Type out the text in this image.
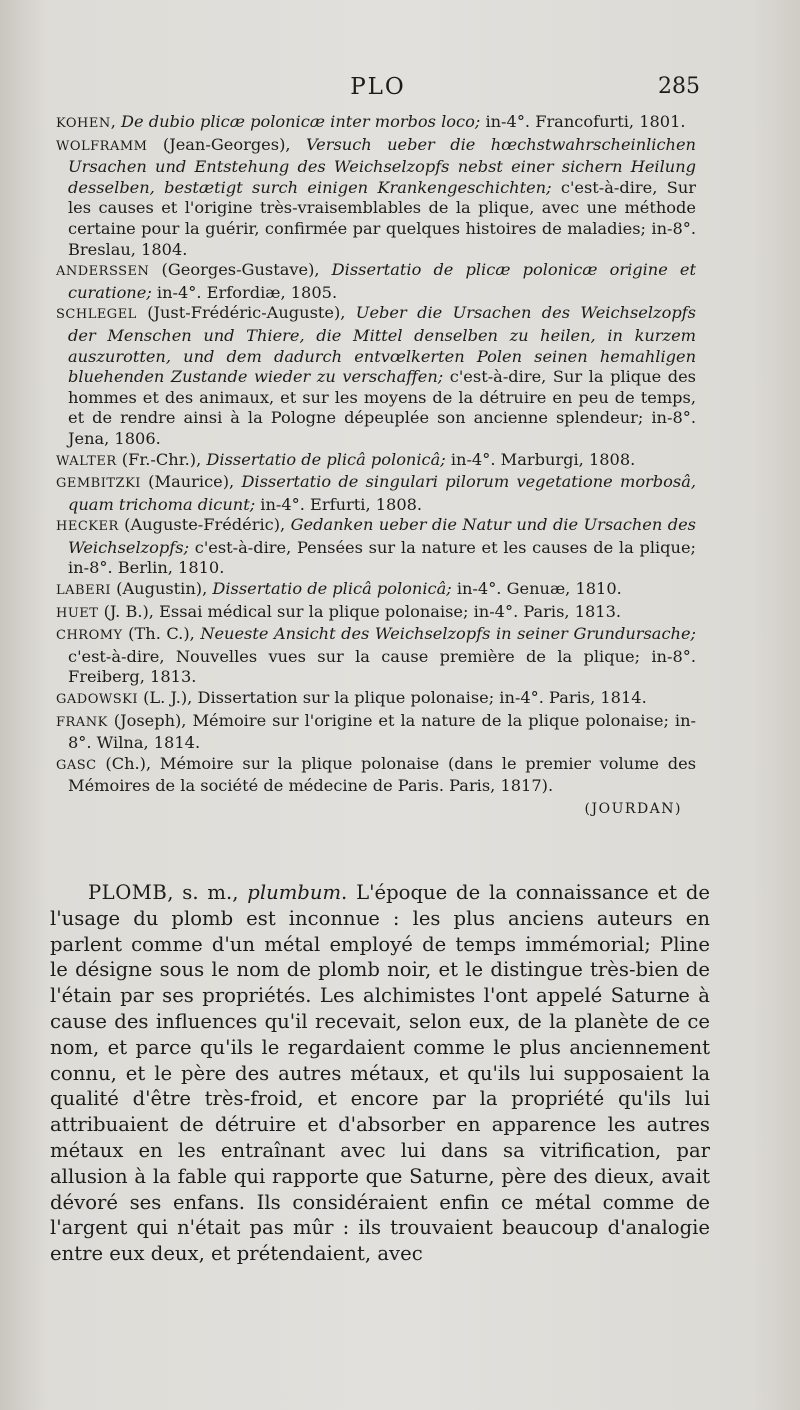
PLO	285

KOHEN, De dubio plicæ polonicæ inter morbos loco; in-4°. Francofurti, 1801.

WOLFRAMM (Jean-Georges), Versuch ueber die hœchstwahrscheinlichen Ursachen und Entstehung des Weichselzopfs nebst einer sichern Heilung desselben, bestætigt surch einigen Krankengeschichten; c'est-à-dire, Sur les causes et l'origine très-vraisemblables de la plique, avec une méthode certaine pour la guérir, confirmée par quelques histoires de maladies; in-8°. Breslau, 1804.

ANDERSSEN (Georges-Gustave), Dissertatio de plicæ polonicæ origine et curatione; in-4°. Erfordiæ, 1805.

SCHLEGEL (Just-Frédéric-Auguste), Ueber die Ursachen des Weichselzopfs der Menschen und Thiere, die Mittel denselben zu heilen, in kurzem auszurotten, und dem dadurch entvœlkerten Polen seinen hemahligen bluehenden Zustande wieder zu verschaffen; c'est-à-dire, Sur la plique des hommes et des animaux, et sur les moyens de la détruire en peu de temps, et de rendre ainsi à la Pologne dépeuplée son ancienne splendeur; in-8°. Jena, 1806.

WALTER (Fr.-Chr.), Dissertatio de plicâ polonicâ; in-4°. Marburgi, 1808.

GEMBITZKI (Maurice), Dissertatio de singulari pilorum vegetatione morbosâ, quam trichoma dicunt; in-4°. Erfurti, 1808.

HECKER (Auguste-Frédéric), Gedanken ueber die Natur und die Ursachen des Weichselzopfs; c'est-à-dire, Pensées sur la nature et les causes de la plique; in-8°. Berlin, 1810.

LABERI (Augustin), Dissertatio de plicâ polonicâ; in-4°. Genuæ, 1810.

HUET (J. B.), Essai médical sur la plique polonaise; in-4°. Paris, 1813.

CHROMY (Th. C.), Neueste Ansicht des Weichselzopfs in seiner Grundursache; c'est-à-dire, Nouvelles vues sur la cause première de la plique; in-8°. Freiberg, 1813.

GADOWSKI (L. J.), Dissertation sur la plique polonaise; in-4°. Paris, 1814.

FRANK (Joseph), Mémoire sur l'origine et la nature de la plique polonaise; in-8°. Wilna, 1814.

GASC (Ch.), Mémoire sur la plique polonaise (dans le premier volume des Mémoires de la société de médecine de Paris. Paris, 1817).

(JOURDAN)

PLOMB, s. m., plumbum. L'époque de la connaissance et de l'usage du plomb est inconnue : les plus anciens auteurs en parlent comme d'un métal employé de temps immémorial; Pline le désigne sous le nom de plomb noir, et le distingue très-bien de l'étain par ses propriétés. Les alchimistes l'ont appelé Saturne à cause des influences qu'il recevait, selon eux, de la planète de ce nom, et parce qu'ils le regardaient comme le plus anciennement connu, et le père des autres métaux, et qu'ils lui supposaient la qualité d'être très-froid, et encore par la propriété qu'ils lui attribuaient de détruire et d'absorber en apparence les autres métaux en les entraînant avec lui dans sa vitrification, par allusion à la fable qui rapporte que Saturne, père des dieux, avait dévoré ses enfans. Ils considéraient enfin ce métal comme de l'argent qui n'était pas mûr : ils trouvaient beaucoup d'analogie entre eux deux, et prétendaient, avec
